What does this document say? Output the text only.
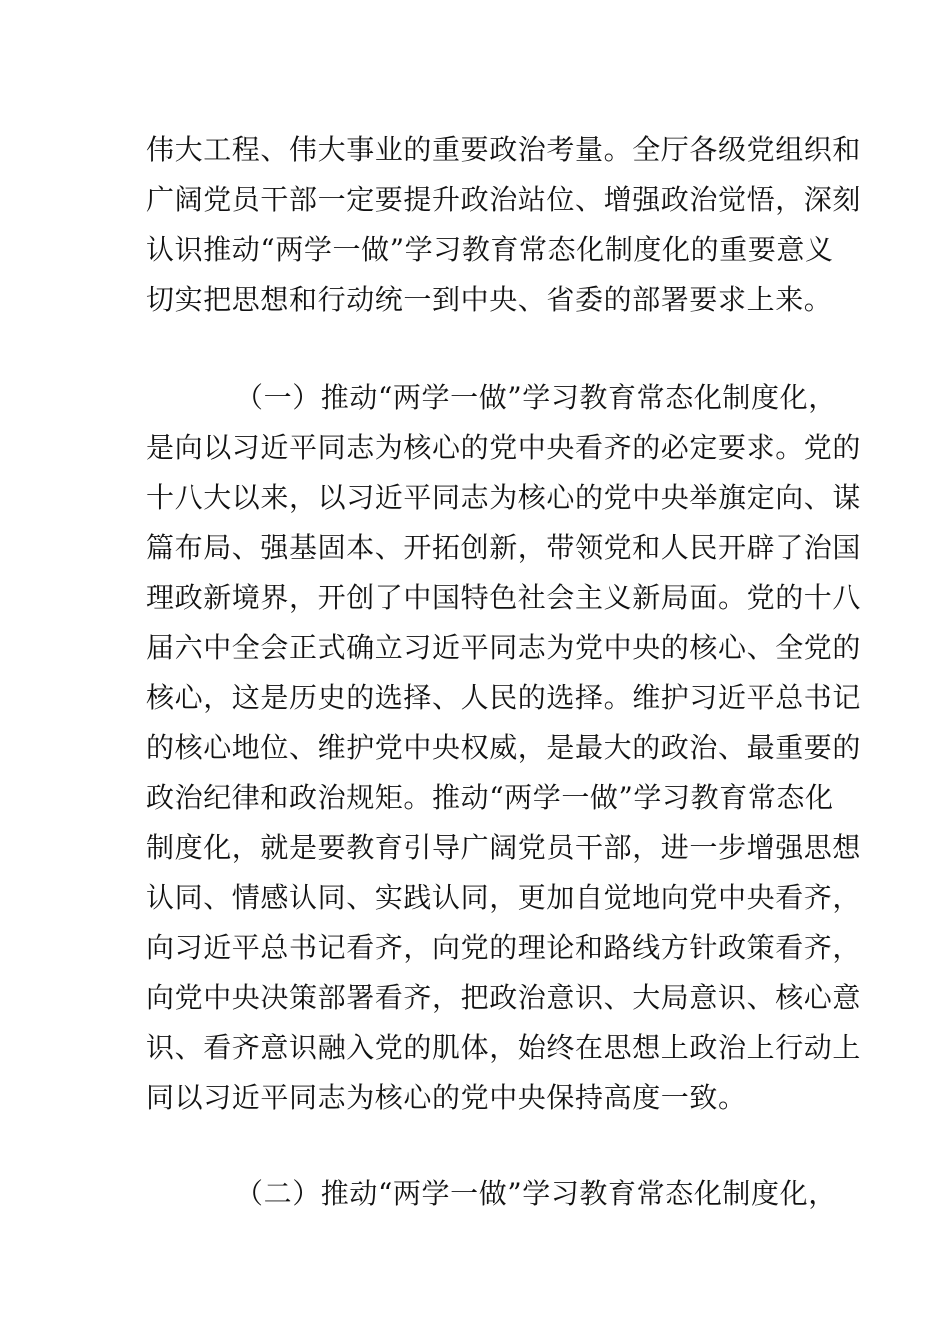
伟大工程、伟大事业的重要政治考量。全厅各级党组织和
广阔党员干部一定要提升政治站位、增强政治觉悟，深刻
认识推动“两学一做”学习教育常态化制度化的重要意义
切实把思想和行动统一到中央、省委的部署要求上来。
（一）推动“两学一做”学习教育常态化制度化，
是向以习近平同志为核心的党中央看齐的必定要求。党的
十八大以来，以习近平同志为核心的党中央举旗定向、谋
篇布局、强基固本、开拓创新，带领党和人民开辟了治国
理政新境界，开创了中国特色社会主义新局面。党的十八
届六中全会正式确立习近平同志为党中央的核心、全党的
核心，这是历史的选择、人民的选择。维护习近平总书记
的核心地位、维护党中央权威，是最大的政治、最重要的
政治纪律和政治规矩。推动“两学一做”学习教育常态化
制度化，就是要教育引导广阔党员干部，进一步增强思想
认同、情感认同、实践认同，更加自觉地向党中央看齐，
向习近平总书记看齐，向党的理论和路线方针政策看齐，
向党中央决策部署看齐，把政治意识、大局意识、核心意
识、看齐意识融入党的肌体，始终在思想上政治上行动上
同以习近平同志为核心的党中央保持高度一致。
（二）推动“两学一做”学习教育常态化制度化，
